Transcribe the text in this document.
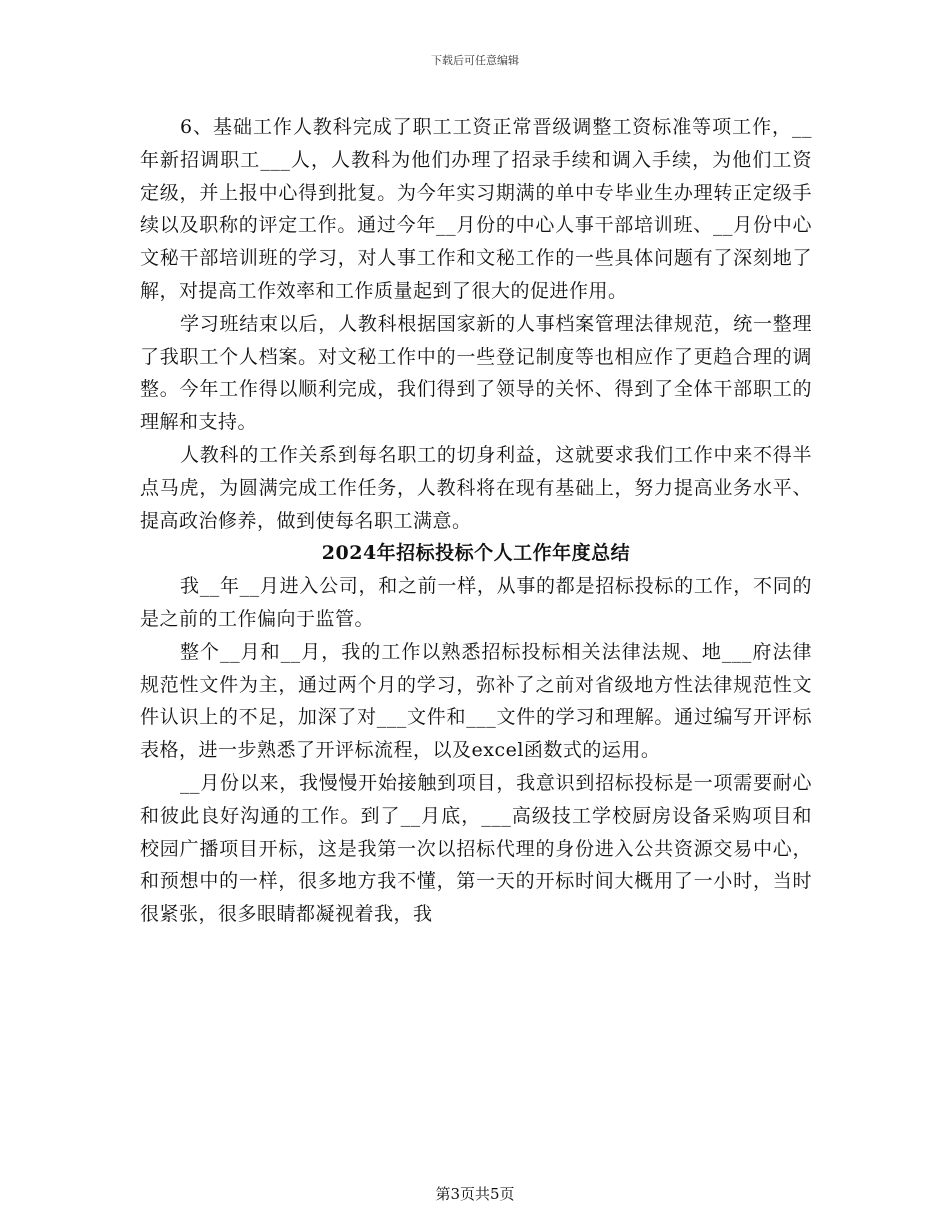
下载后可任意编辑

6、基础工作人教科完成了职工工资正常晋级调整工资标准等项工作，__年新招调职工___人，人教科为他们办理了招录手续和调入手续，为他们工资定级，并上报中心得到批复。为今年实习期满的单中专毕业生办理转正定级手续以及职称的评定工作。通过今年__月份的中心人事干部培训班、__月份中心文秘干部培训班的学习，对人事工作和文秘工作的一些具体问题有了深刻地了解，对提高工作效率和工作质量起到了很大的促进作用。

学习班结束以后，人教科根据国家新的人事档案管理法律规范，统一整理了我职工个人档案。对文秘工作中的一些登记制度等也相应作了更趋合理的调整。今年工作得以顺利完成，我们得到了领导的关怀、得到了全体干部职工的理解和支持。

人教科的工作关系到每名职工的切身利益，这就要求我们工作中来不得半点马虎，为圆满完成工作任务，人教科将在现有基础上，努力提高业务水平、提高政治修养，做到使每名职工满意。

2024年招标投标个人工作年度总结

我__年__月进入公司，和之前一样，从事的都是招标投标的工作，不同的是之前的工作偏向于监管。

整个__月和__月，我的工作以熟悉招标投标相关法律法规、地___府法律规范性文件为主，通过两个月的学习，弥补了之前对省级地方性法律规范性文件认识上的不足，加深了对___文件和___文件的学习和理解。通过编写开评标表格，进一步熟悉了开评标流程，以及excel函数式的运用。

__月份以来，我慢慢开始接触到项目，我意识到招标投标是一项需要耐心和彼此良好沟通的工作。到了__月底，___高级技工学校厨房设备采购项目和校园广播项目开标，这是我第一次以招标代理的身份进入公共资源交易中心，和预想中的一样，很多地方我不懂，第一天的开标时间大概用了一小时，当时很紧张，很多眼睛都凝视着我，我

第3页共5页
